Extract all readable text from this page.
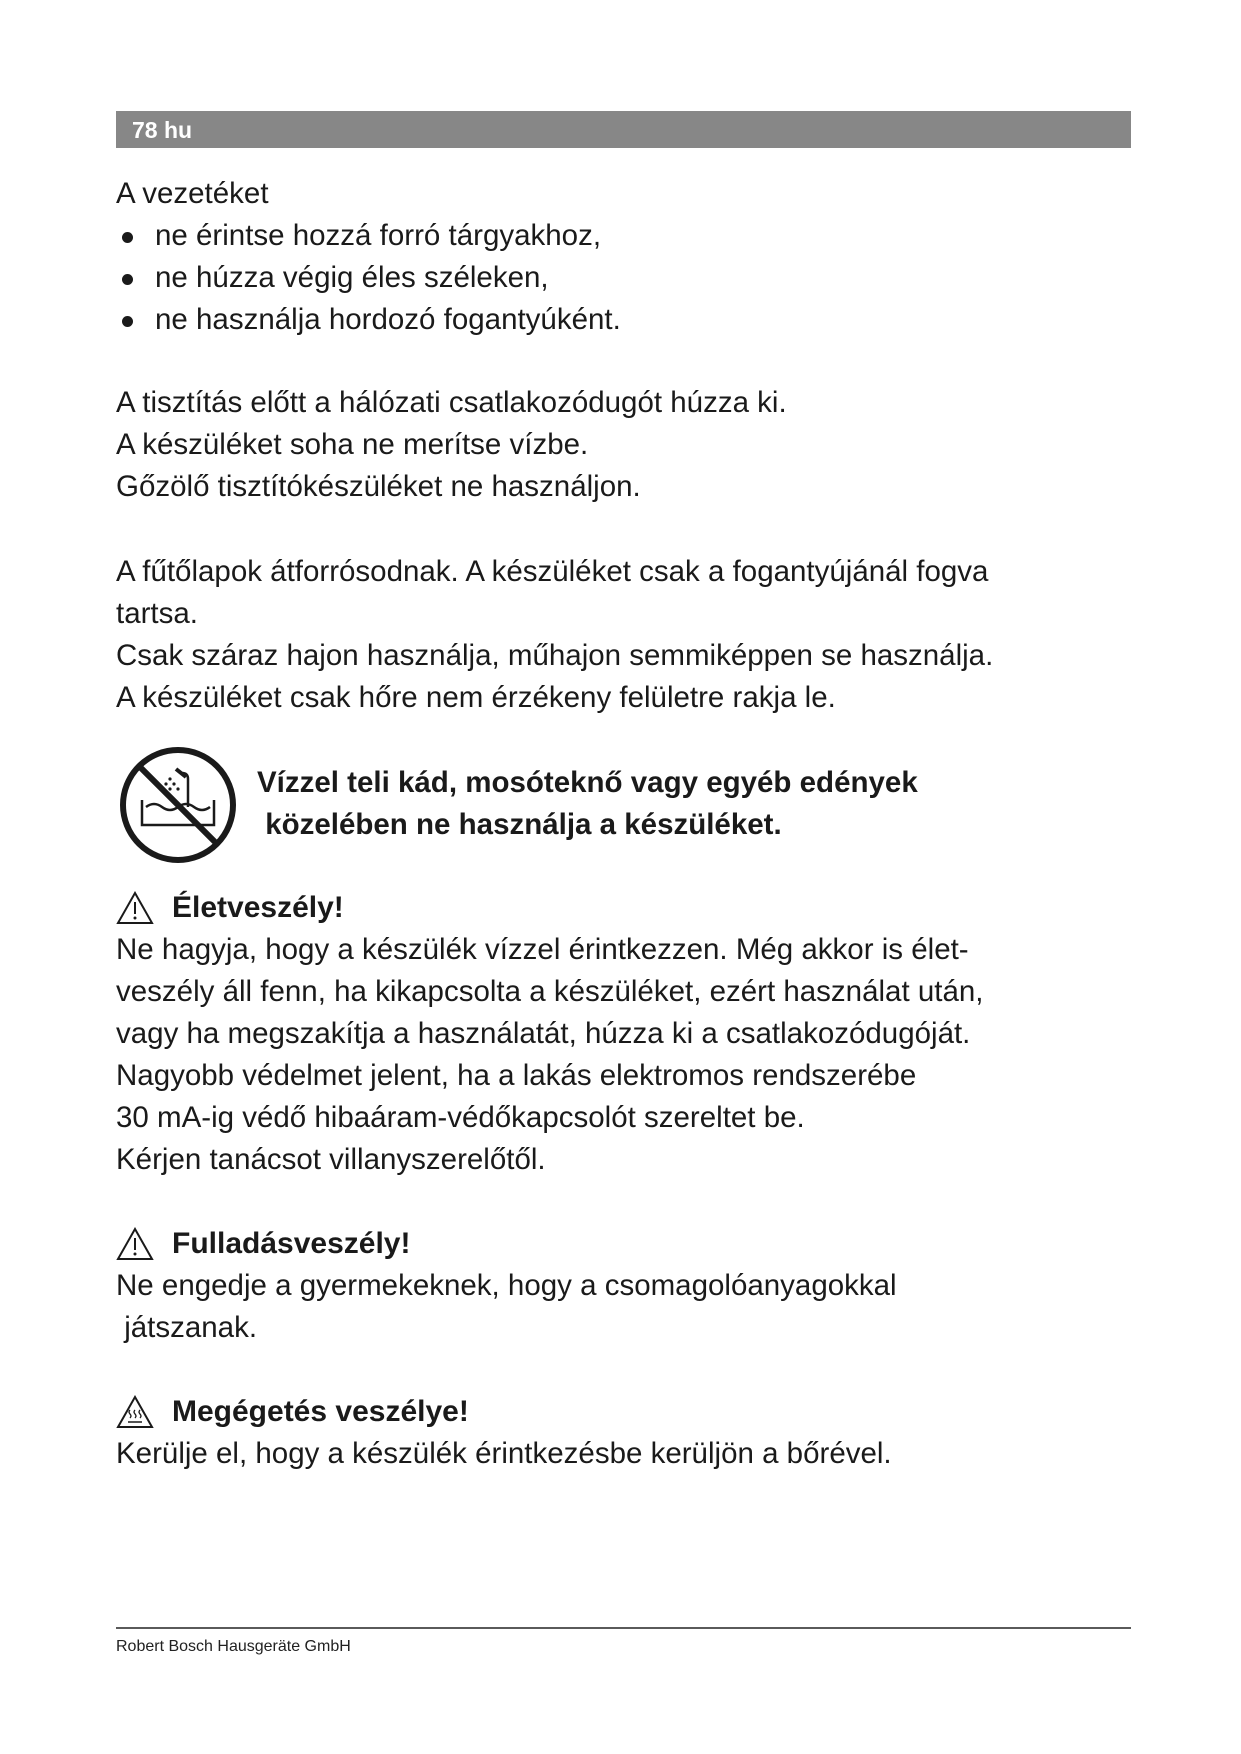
78 hu
A vezetéket
ne érintse hozzá forró tárgyakhoz,
ne húzza végig éles széleken,
ne használja hordozó fogantyúként.
A tisztítás előtt a hálózati csatlakozódugót húzza ki.
A készüléket soha ne merítse vízbe.
Gőzölő tisztítókészüléket ne használjon.
A fűtőlapok átforrósodnak. A készüléket csak a fogantyújánál fogva
tartsa.
Csak száraz hajon használja, műhajon semmiképpen se használja.
A készüléket csak hőre nem érzékeny felületre rakja le.
Vízzel teli kád, mosóteknő vagy egyéb edények
közelében ne használja a készüléket.
Életveszély!
Ne hagyja, hogy a készülék vízzel érintkezzen. Még akkor is élet-
veszély áll fenn, ha kikapcsolta a készüléket, ezért használat után,
vagy ha megszakítja a használatát, húzza ki a csatlakozódugóját.
Nagyobb védelmet jelent, ha a lakás elektromos rendszerébe
30 mA-ig védő hibaáram-védőkapcsolót szereltet be.
Kérjen tanácsot villanyszerelőtől.
Fulladásveszély!
Ne engedje a gyermekeknek, hogy a csomagolóanyagokkal
játszanak.
Megégetés veszélye!
Kerülje el, hogy a készülék érintkezésbe kerüljön a bőrével.
Robert Bosch Hausgeräte GmbH
